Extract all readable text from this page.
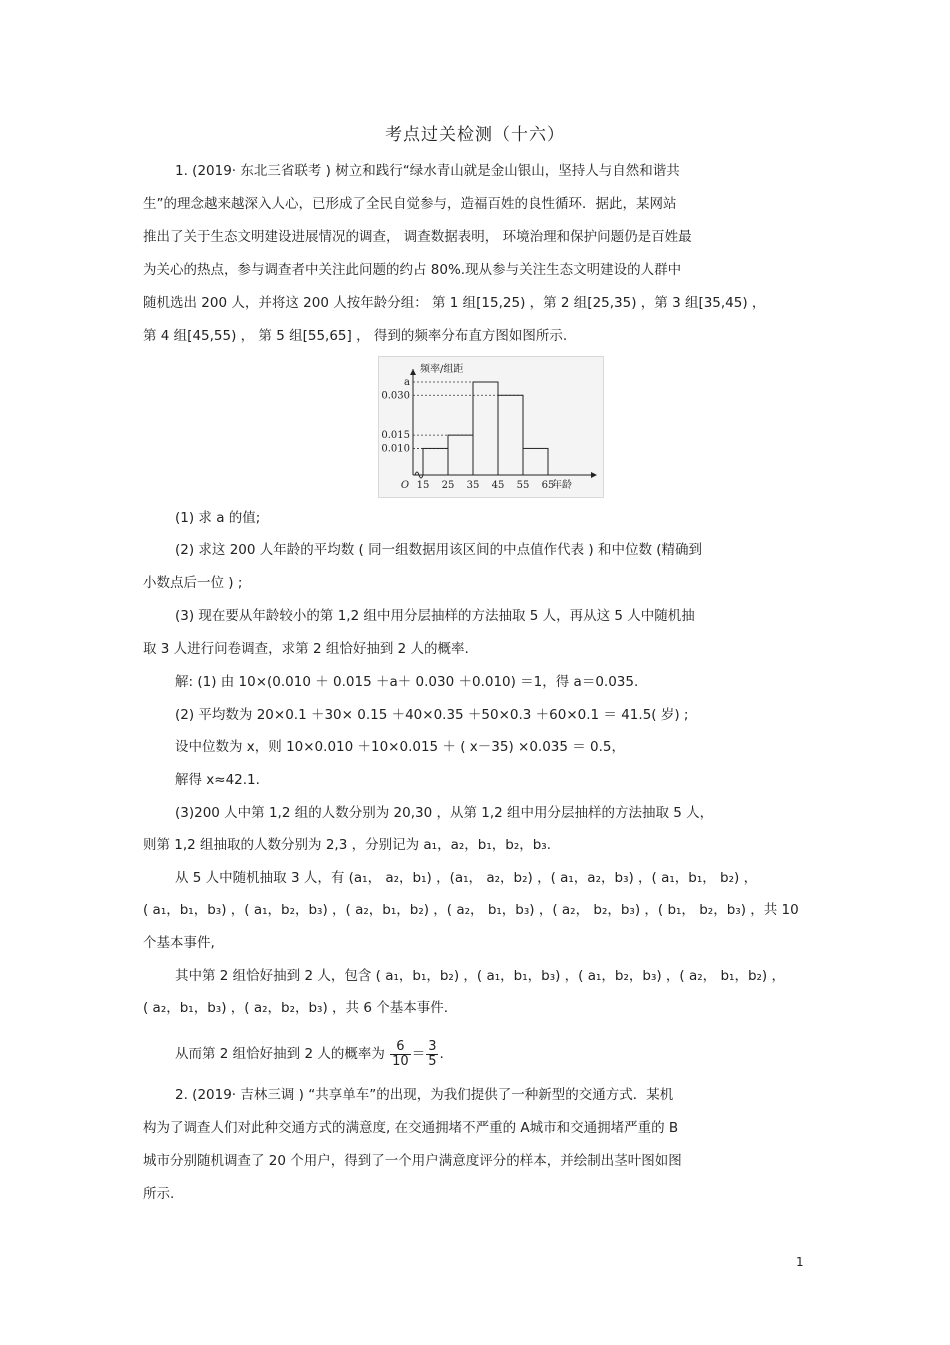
考点过关检测（十六）
1. (2019· 东北三省联考 ) 树立和践行“绿水青山就是金山银山，坚持人与自然和谐共
生”的理念越来越深入人心，已形成了全民自觉参与，造福百姓的良性循环．据此，某网站
推出了关于生态文明建设进展情况的调查， 调查数据表明， 环境治理和保护问题仍是百姓最
为关心的热点，参与调查者中关注此问题的约占 80%.现从参与关注生态文明建设的人群中
随机选出 200 人，并将这 200 人按年龄分组： 第 1 组[15,25) ，第 2 组[25,35) ，第 3 组[35,45) ，
第 4 组[45,55) ， 第 5 组[55,65] ， 得到的频率分布直方图如图所示.
a
0.030
0.015
0.010
15 25 35 45 55 65
O
频率/组距
年龄
(1) 求 a 的值;
(2) 求这 200 人年龄的平均数 ( 同一组数据用该区间的中点值作代表 ) 和中位数 (精确到
小数点后一位 ) ;
(3) 现在要从年龄较小的第 1,2 组中用分层抽样的方法抽取 5 人，再从这 5 人中随机抽
取 3 人进行问卷调查，求第 2 组恰好抽到 2 人的概率.
解: (1) 由 10×(0.010 ＋ 0.015 ＋a＋ 0.030 ＋0.010) ＝1，得 a＝0.035.
(2) 平均数为 20×0.1 ＋30× 0.15 ＋40×0.35 ＋50×0.3 ＋60×0.1 ＝ 41.5( 岁) ;
设中位数为 x，则 10×0.010 ＋10×0.015 ＋ ( x－35) ×0.035 ＝ 0.5，
解得 x≈42.1.
(3)200 人中第 1,2 组的人数分别为 20,30 ，从第 1,2 组中用分层抽样的方法抽取 5 人，
则第 1,2 组抽取的人数分别为 2,3 ，分别记为 a₁，a₂，b₁，b₂，b₃.
从 5 人中随机抽取 3 人，有 (a₁， a₂，b₁) ，(a₁， a₂，b₂) ，( a₁，a₂，b₃) ，( a₁，b₁， b₂) ，
( a₁，b₁，b₃) ，( a₁，b₂，b₃) ，( a₂，b₁，b₂) ，( a₂， b₁，b₃) ，( a₂， b₂，b₃) ，( b₁， b₂，b₃) ，共 10
个基本事件,
其中第 2 组恰好抽到 2 人，包含 ( a₁，b₁，b₂) ，( a₁，b₁，b₃) ，( a₁，b₂，b₃) ，( a₂， b₁，b₂) ，
( a₂，b₁，b₃) ，( a₂，b₂，b₃) ，共 6 个基本事件.
从而第 2 组恰好抽到 2 人的概率为 $\frac{6}{10} = \frac{3}{5}$ .
2. (2019· 吉林三调 ) “共享单车”的出现，为我们提供了一种新型的交通方式．某机
构为了调查人们对此种交通方式的满意度, 在交通拥堵不严重的 A城市和交通拥堵严重的 B
城市分别随机调查了 20 个用户，得到了一个用户满意度评分的样本，并绘制出茎叶图如图
所示.
1
